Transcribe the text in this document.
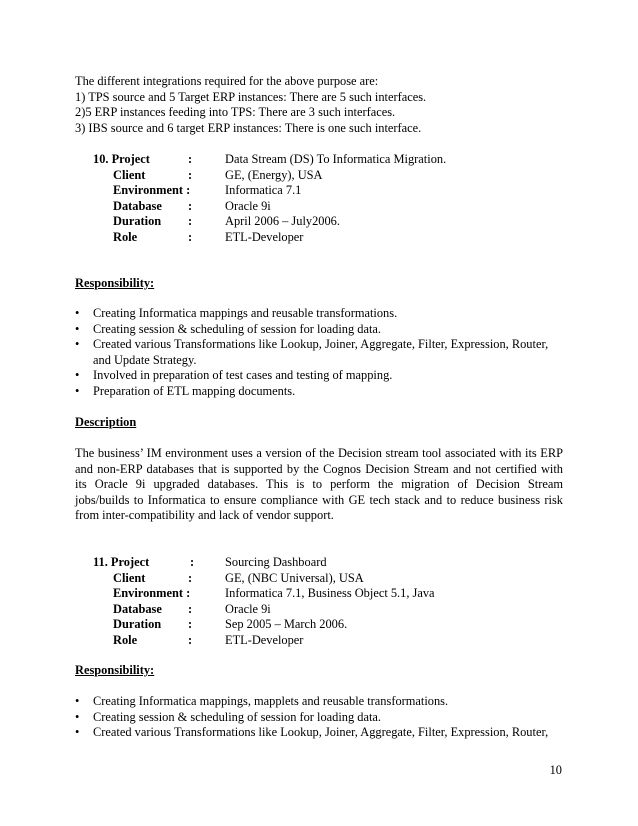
The different integrations required for the above purpose are:
1) TPS source and 5 Target ERP instances: There are 5 such interfaces.
2)5 ERP instances feeding into TPS: There are 3 such interfaces.
3) IBS source and 6 target ERP instances: There is one such interface.
10. Project	:	Data Stream (DS) To Informatica Migration.
Client	:	GE, (Energy), USA
Environment :	Informatica 7.1
Database :	Oracle 9i
Duration :	April 2006 – July2006.
Role	:	ETL-Developer
Responsibility:
• Creating Informatica mappings and reusable transformations.
• Creating session & scheduling of session for loading data.
• Created various Transformations like Lookup, Joiner, Aggregate, Filter, Expression, Router,
and Update Strategy.
• Involved in preparation of test cases and testing of mapping.
• Preparation of ETL mapping documents.
Description
The business’ IM environment uses a version of the Decision stream tool associated with its ERP
and non-ERP databases that is supported by the Cognos Decision Stream and not certified with
its Oracle 9i upgraded databases. This is to perform the migration of Decision Stream
jobs/builds to Informatica to ensure compliance with GE tech stack and to reduce business risk
from inter-compatibility and lack of vendor support.
11. Project	: Sourcing Dashboard
Client	:	GE, (NBC Universal), USA
Environment :	Informatica 7.1, Business Object 5.1, Java
Database :	Oracle 9i
Duration :	Sep 2005 – March 2006.
Role	:	ETL-Developer
Responsibility:
• Creating Informatica mappings, mapplets and reusable transformations.
• Creating session & scheduling of session for loading data.
• Created various Transformations like Lookup, Joiner, Aggregate, Filter, Expression, Router,
10
